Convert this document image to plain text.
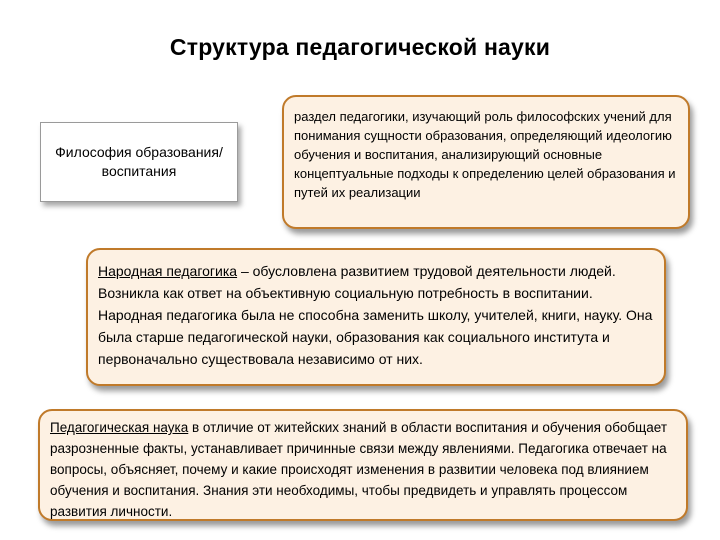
Структура педагогической науки
Философия образования/ воспитания
раздел педагогики, изучающий роль философских учений для понимания сущности образования, определяющий идеологию обучения и воспитания, анализирующий основные концептуальные подходы к определению целей образования и путей их реализации
Народная педагогика – обусловлена развитием трудовой деятельности людей. Возникла как ответ на объективную социальную потребность в воспитании. Народная педагогика была не способна заменить школу, учителей, книги, науку. Она была старше педагогической науки, образования как социального института и первоначально существовала независимо от них.
Педагогическая наука в отличие от житейских знаний в области воспитания и обучения обобщает разрозненные факты, устанавливает причинные связи между явлениями. Педагогика отвечает на вопросы, объясняет, почему и какие происходят изменения в развитии человека под влиянием обучения и воспитания. Знания эти необходимы, чтобы предвидеть и управлять процессом развития личности.
